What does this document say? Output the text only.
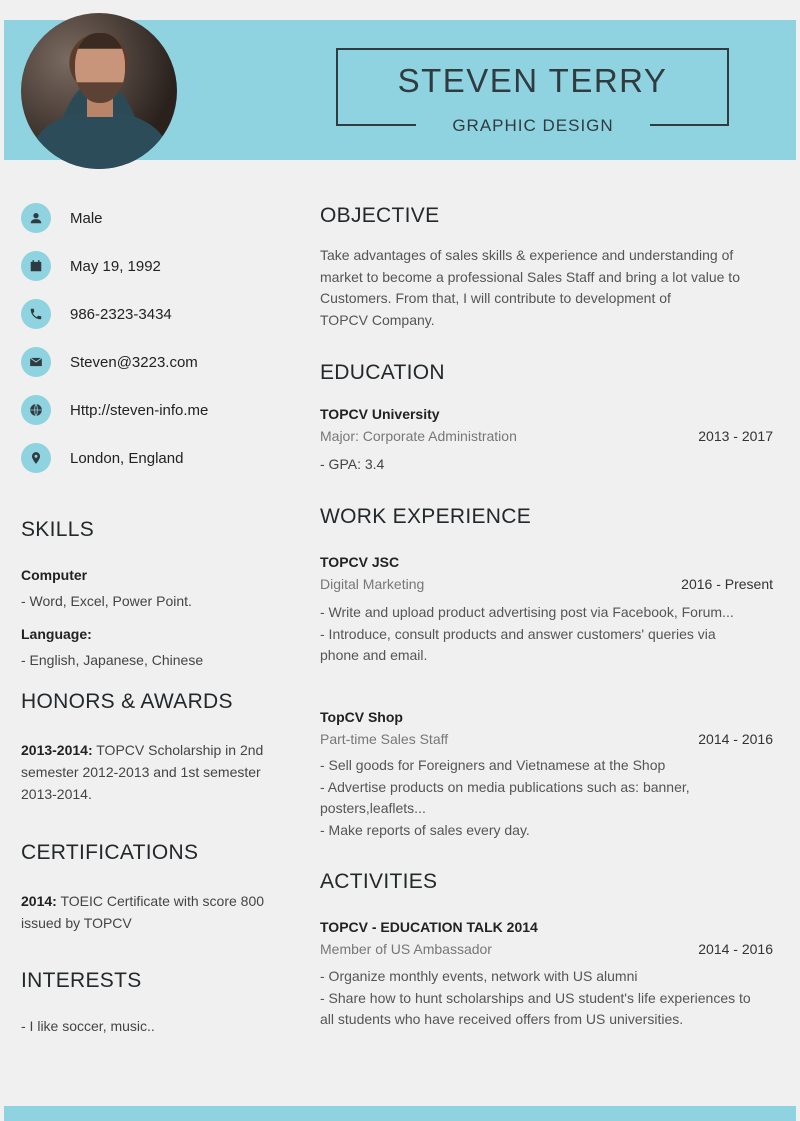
STEVEN TERRY
GRAPHIC DESIGN
Male
May 19, 1992
986-2323-3434
Steven@3223.com
Http://steven-info.me
London, England
SKILLS
Computer
- Word, Excel, Power Point.
Language:
- English, Japanese, Chinese
HONORS & AWARDS
2013-2014: TOPCV Scholarship in 2nd
semester 2012-2013 and 1st semester
2013-2014.
CERTIFICATIONS
2014: TOEIC Certificate with score 800
issued by TOPCV
INTERESTS
- I like soccer, music..
OBJECTIVE
Take advantages of sales skills & experience and understanding of
market to become a professional Sales Staff and bring a lot value to
Customers. From that, I will contribute to development of
TOPCV Company.
EDUCATION
TOPCV University
Major: Corporate Administration	2013 - 2017
- GPA: 3.4
WORK EXPERIENCE
TOPCV JSC
Digital Marketing	2016 - Present
- Write and upload product advertising post via Facebook, Forum...
- Introduce, consult products and answer customers' queries via
phone and email.
TopCV Shop
Part-time Sales Staff	2014 - 2016
- Sell goods for Foreigners and Vietnamese at the Shop
- Advertise products on media publications such as: banner,
posters,leaflets...
- Make reports of sales every day.
ACTIVITIES
TOPCV - EDUCATION TALK 2014
Member of US Ambassador	2014 - 2016
- Organize monthly events, network with US alumni
- Share how to hunt scholarships and US student's life experiences to
all students who have received offers from US universities.
